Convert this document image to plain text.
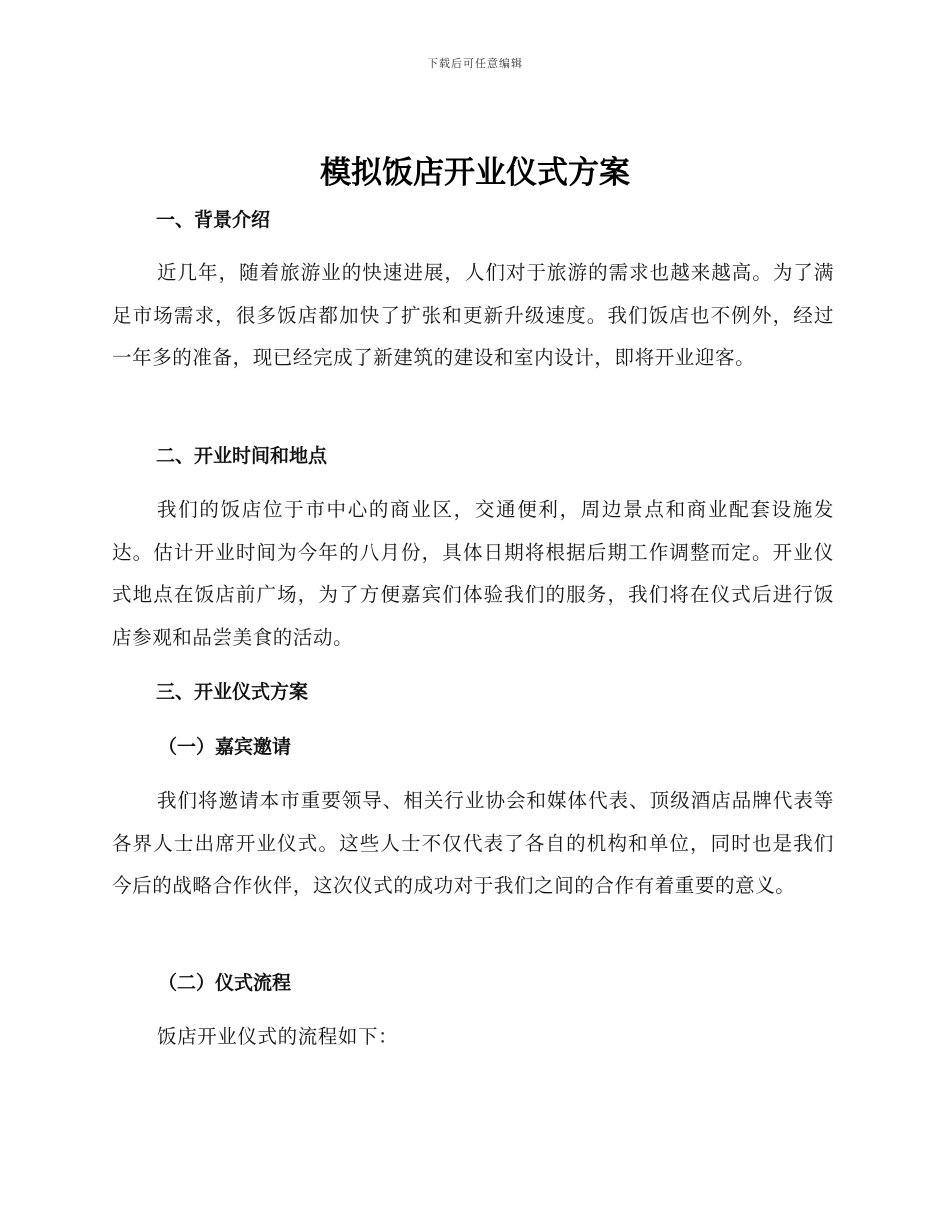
下载后可任意编辑
模拟饭店开业仪式方案
一、背景介绍

近几年，随着旅游业的快速进展，人们对于旅游的需求也越来越高。为了满足市场需求，很多饭店都加快了扩张和更新升级速度。我们饭店也不例外，经过一年多的准备，现已经完成了新建筑的建设和室内设计，即将开业迎客。

二、开业时间和地点

我们的饭店位于市中心的商业区，交通便利，周边景点和商业配套设施发达。估计开业时间为今年的八月份，具体日期将根据后期工作调整而定。开业仪式地点在饭店前广场，为了方便嘉宾们体验我们的服务，我们将在仪式后进行饭店参观和品尝美食的活动。

三、开业仪式方案
（一）嘉宾邀请

我们将邀请本市重要领导、相关行业协会和媒体代表、顶级酒店品牌代表等各界人士出席开业仪式。这些人士不仅代表了各自的机构和单位，同时也是我们今后的战略合作伙伴，这次仪式的成功对于我们之间的合作有着重要的意义。

（二）仪式流程

饭店开业仪式的流程如下：
